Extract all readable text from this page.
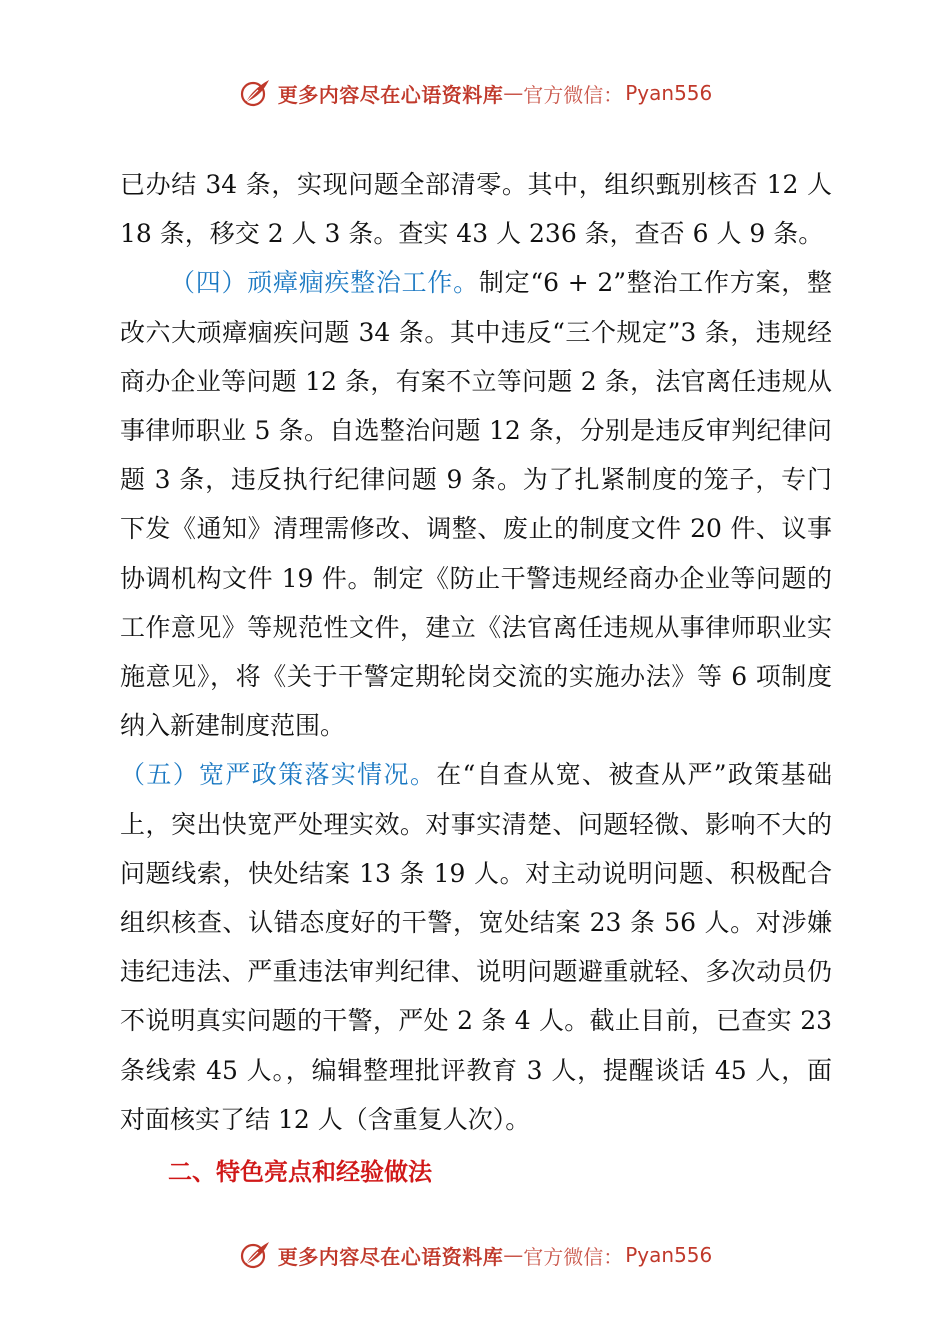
更多内容尽在心语资料库 — 官方微信： Pyan556

已办结 34 条，实现问题全部清零。其中，组织甄别核否 12 人 18 条，移交 2 人 3 条。查实 43 人 236 条，查否 6 人 9 条。

（四）顽瘴痼疾整治工作。制定“6 + 2”整治工作方案，整改六大顽瘴痼疾问题 34 条。其中违反“三个规定”3 条，违规经商办企业等问题 12 条，有案不立等问题 2 条，法官离任违规从事律师职业 5 条。自选整治问题 12 条，分别是违反审判纪律问题 3 条，违反执行纪律问题 9 条。为了扎紧制度的笼子，专门下发《通知》清理需修改、调整、废止的制度文件 20 件、议事协调机构文件 19 件。制定《防止干警违规经商办企业等问题的工作意见》等规范性文件，建立《法官离任违规从事律师职业实施意见》，将《关于干警定期轮岗交流的实施办法》等 6 项制度纳入新建制度范围。

（五）宽严政策落实情况。在“自查从宽、被查从严”政策基础上，突出快宽严处理实效。对事实清楚、问题轻微、影响不大的问题线索，快处结案 13 条 19 人。对主动说明问题、积极配合组织核查、认错态度好的干警，宽处结案 23 条 56 人。对涉嫌违纪违法、严重违法审判纪律、说明问题避重就轻、多次动员仍不说明真实问题的干警，严处 2 条 4 人。截止目前，已查实 23 条线索 45 人。，编辑整理批评教育 3 人，提醒谈话 45 人，面对面核实了结 12 人（含重复人次）。

二、特色亮点和经验做法

更多内容尽在心语资料库 — 官方微信： Pyan556
